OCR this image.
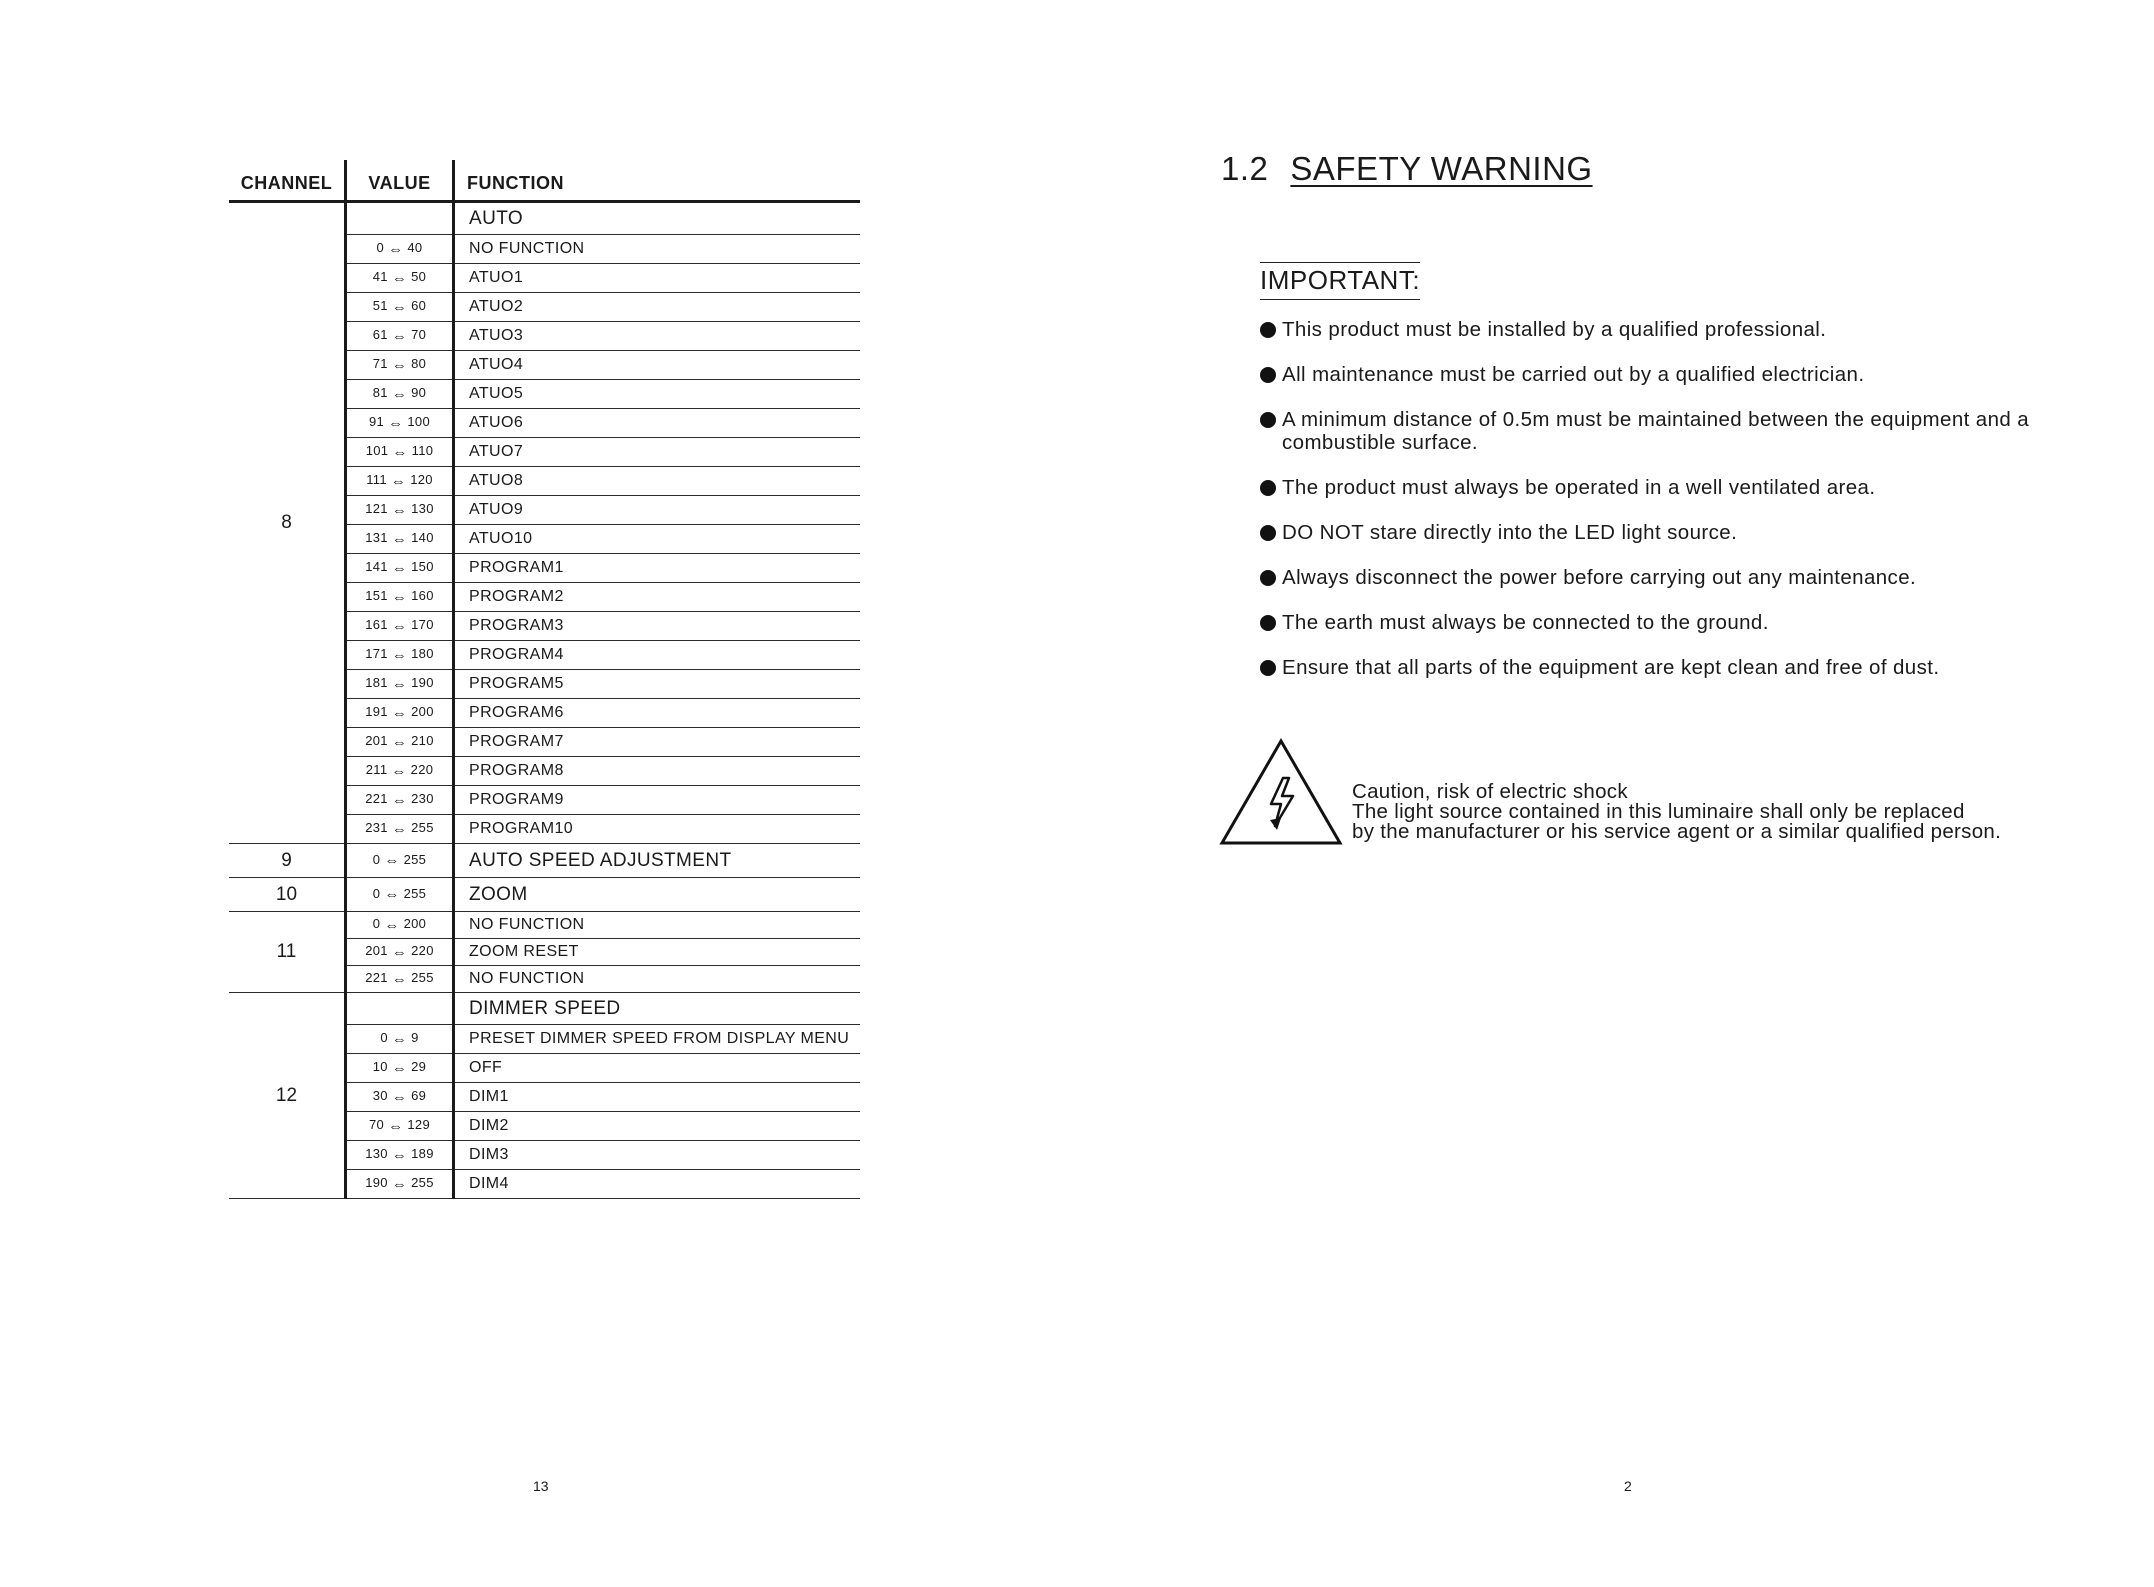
CHANNEL	VALUE	FUNCTION
8		AUTO
	0 ⇔ 40	NO FUNCTION
	41 ⇔ 50	ATUO1
	51 ⇔ 60	ATUO2
	61 ⇔ 70	ATUO3
	71 ⇔ 80	ATUO4
	81 ⇔ 90	ATUO5
	91 ⇔ 100	ATUO6
	101 ⇔ 110	ATUO7
	111 ⇔ 120	ATUO8
	121 ⇔ 130	ATUO9
	131 ⇔ 140	ATUO10
	141 ⇔ 150	PROGRAM1
	151 ⇔ 160	PROGRAM2
	161 ⇔ 170	PROGRAM3
	171 ⇔ 180	PROGRAM4
	181 ⇔ 190	PROGRAM5
	191 ⇔ 200	PROGRAM6
	201 ⇔ 210	PROGRAM7
	211 ⇔ 220	PROGRAM8
	221 ⇔ 230	PROGRAM9
	231 ⇔ 255	PROGRAM10
9	0 ⇔ 255	AUTO SPEED ADJUSTMENT
10	0 ⇔ 255	ZOOM
11	0 ⇔ 200	NO FUNCTION
	201 ⇔ 220	ZOOM RESET
	221 ⇔ 255	NO FUNCTION
12		DIMMER SPEED
	0 ⇔ 9	PRESET DIMMER SPEED FROM DISPLAY MENU
	10 ⇔ 29	OFF
	30 ⇔ 69	DIM1
	70 ⇔ 129	DIM2
	130 ⇔ 189	DIM3
	190 ⇔ 255	DIM4
13
1.2 SAFETY WARNING
IMPORTANT:
This product must be installed by a qualified professional.
All maintenance must be carried out by a qualified electrician.
A minimum distance of 0.5m must be maintained between the equipment and a combustible surface.
The product must always be operated in a well ventilated area.
DO NOT stare directly into the LED light source.
Always disconnect the power before carrying out any maintenance.
The earth must always be connected to the ground.
Ensure that all parts of the equipment are kept clean and free of dust.
Caution, risk of electric shock
The light source contained in this luminaire shall only be replaced
by the manufacturer or his service agent or a similar qualified person.
2
